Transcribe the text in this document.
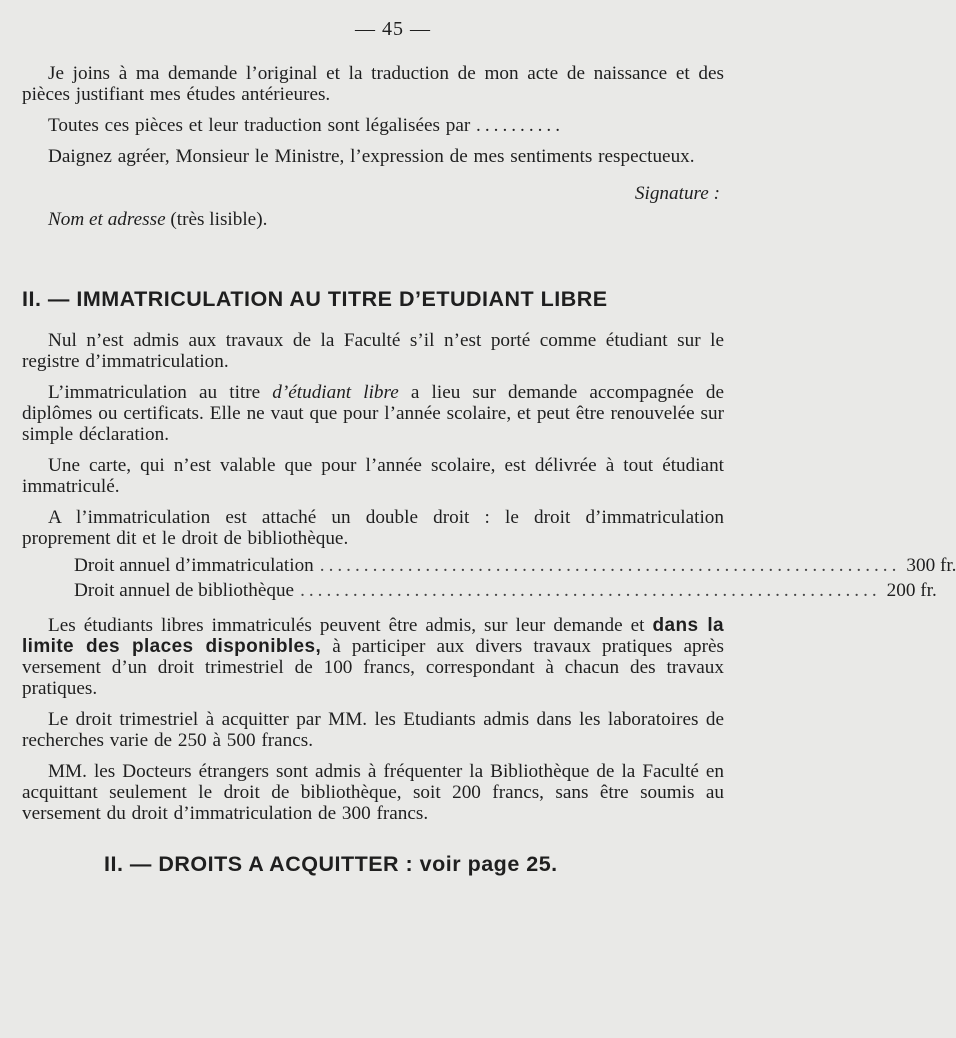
— 45 —

Je joins à ma demande l’original et la traduction de mon acte de naissance et des pièces justifiant mes études antérieures.

Toutes ces pièces et leur traduction sont légalisées par ..........

Daignez agréer, Monsieur le Ministre, l’expression de mes sentiments respectueux.

Signature :
Nom et adresse (très lisible).
II. — IMMATRICULATION AU TITRE D’ETUDIANT LIBRE

Nul n’est admis aux travaux de la Faculté s’il n’est porté comme étudiant sur le registre d’immatriculation.

L’immatriculation au titre d’étudiant libre a lieu sur demande accompagnée de diplômes ou certificats. Elle ne vaut que pour l’année scolaire, et peut être renouvelée sur simple déclaration.

Une carte, qui n’est valable que pour l’année scolaire, est délivrée à tout étudiant immatriculé.

A l’immatriculation est attaché un double droit : le droit d’immatriculation proprement dit et le droit de bibliothèque.

Droit annuel d’immatriculation .................................................................. 300 fr.
Droit annuel de bibliothèque .................................................................. 200 fr.

Les étudiants libres immatriculés peuvent être admis, sur leur demande et dans la limite des places disponibles, à participer aux divers travaux pratiques après versement d’un droit trimestriel de 100 francs, correspondant à chacun des travaux pratiques.

Le droit trimestriel à acquitter par MM. les Etudiants admis dans les laboratoires de recherches varie de 250 à 500 francs.

MM. les Docteurs étrangers sont admis à fréquenter la Bibliothèque de la Faculté en acquittant seulement le droit de bibliothèque, soit 200 francs, sans être soumis au versement du droit d’immatriculation de 300 francs.

II. — DROITS A ACQUITTER : voir page 25.
